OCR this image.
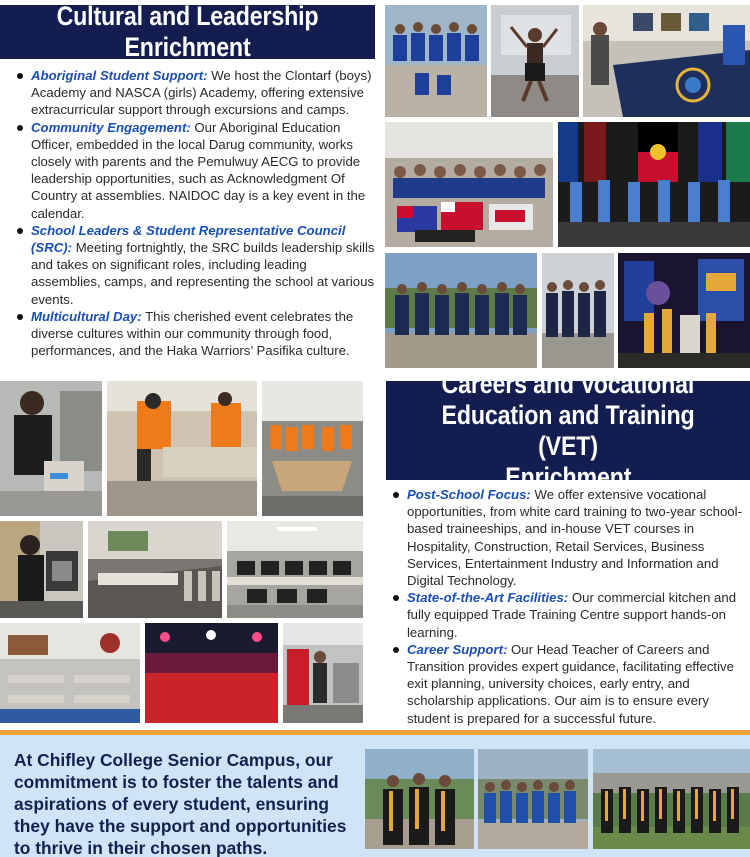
Cultural and Leadership Enrichment
Aboriginal Student Support: We host the Clontarf (boys) Academy and NASCA (girls) Academy, offering extensive extracurricular support through excursions and camps.
Community Engagement: Our Aboriginal Education Officer, embedded in the local Darug community, works closely with parents and the Pemulwuy AECG to provide leadership opportunities, such as Acknowledgment Of Country at assemblies. NAIDOC day is a key event in the calendar.
School Leaders & Student Representative Council (SRC): Meeting fortnightly, the SRC builds leadership skills and takes on significant roles, including leading assemblies, camps, and representing the school at various events.
Multicultural Day: This cherished event celebrates the diverse cultures within our community through food, performances, and the Haka Warriors’ Pasifika culture.
Careers and Vocational
Education and Training (VET)
Enrichment
Post-School Focus: We offer extensive vocational opportunities, from white card training to two-year school-based traineeships, and in-house VET courses in Hospitality, Construction, Retail Services, Business Services, Entertainment Industry and Information and Digital Technology.
State-of-the-Art Facilities: Our commercial kitchen and fully equipped Trade Training Centre support hands-on learning.
Career Support: Our Head Teacher of Careers and Transition provides expert guidance, facilitating effective exit planning, university choices, early entry, and scholarship applications. Our aim is to ensure every student is prepared for a successful future.

At Chifley College Senior Campus, our commitment is to foster the talents and aspirations of every student, ensuring they have the support and opportunities to thrive in their chosen paths.
